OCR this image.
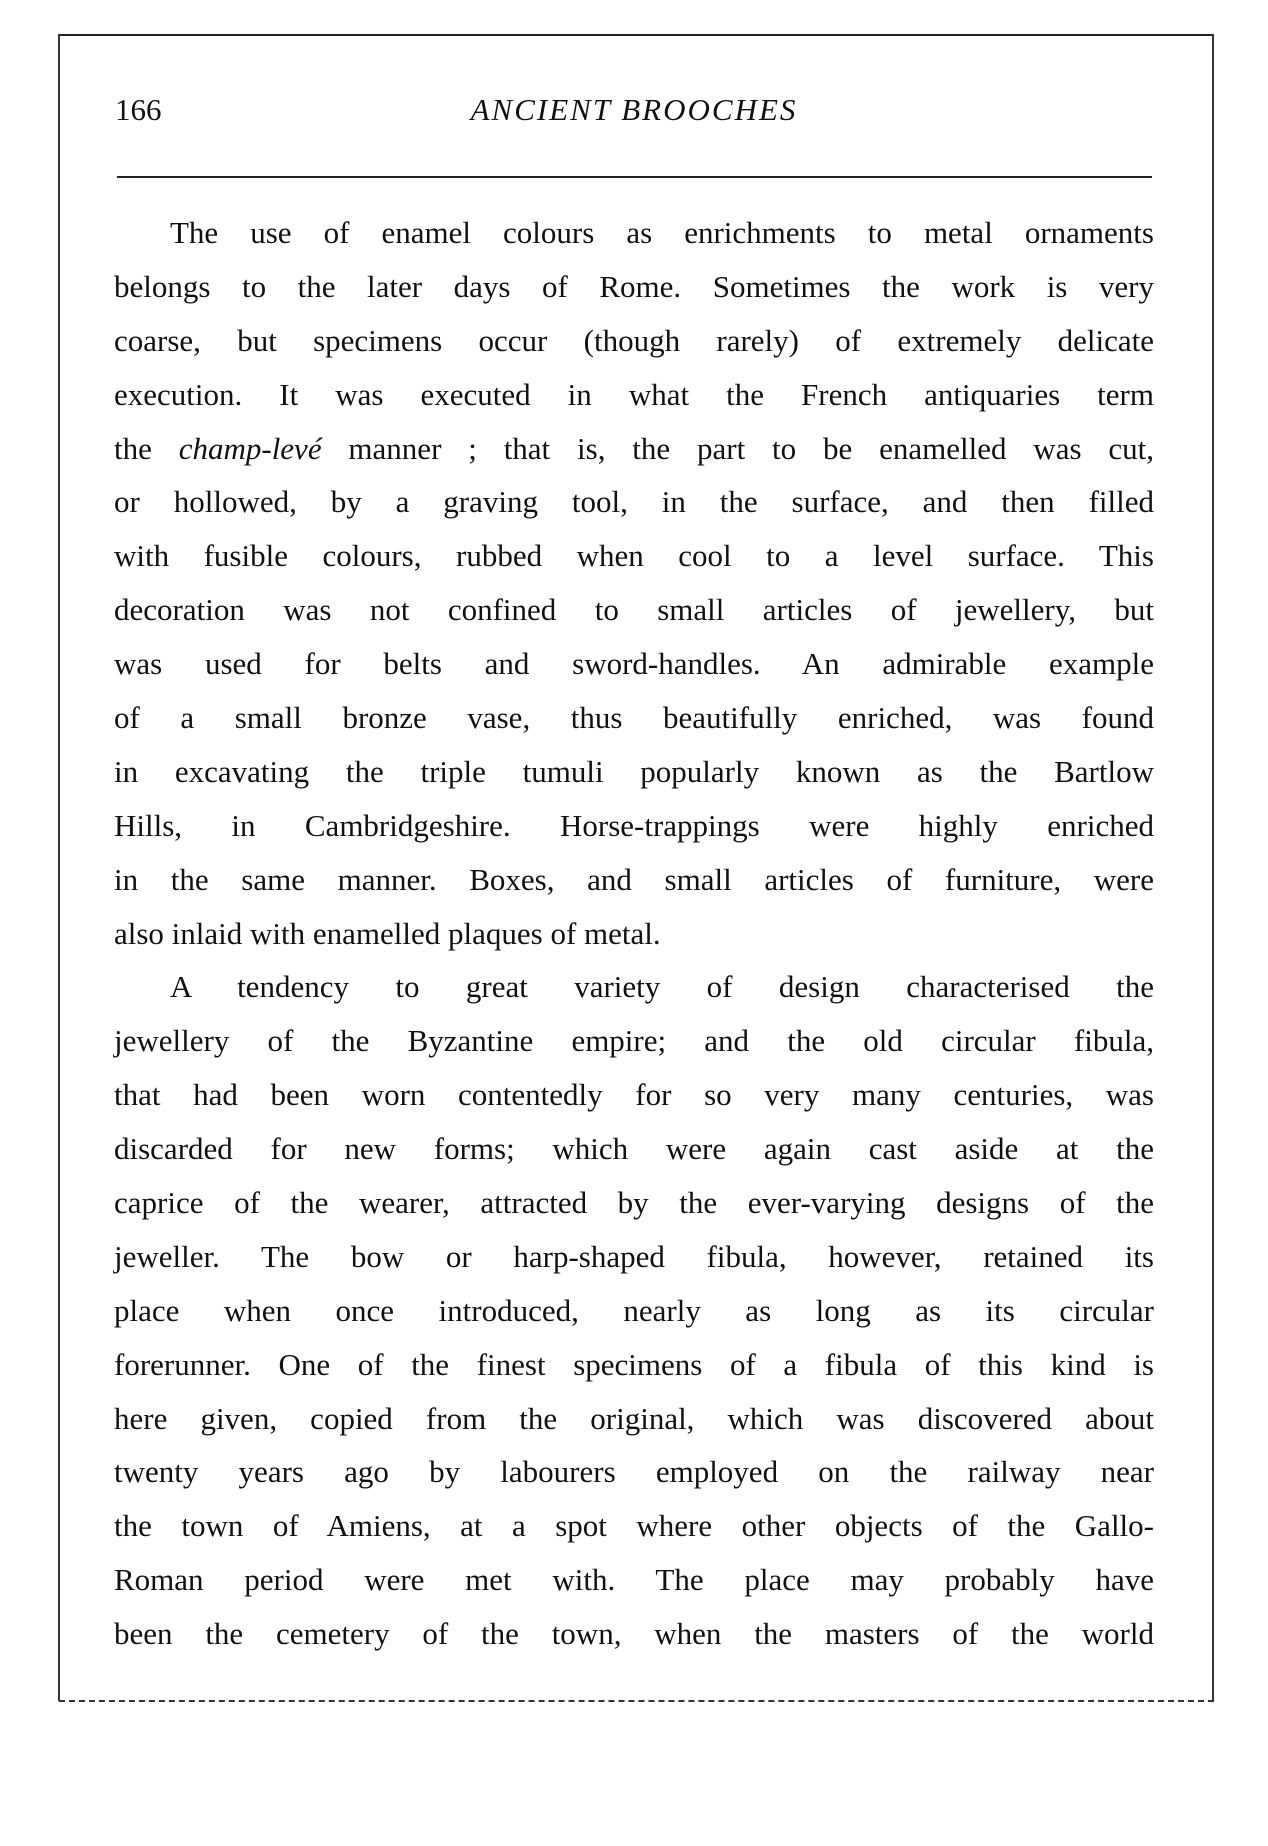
166	ANCIENT BROOCHES
The use of enamel colours as enrichments to metal ornaments
belongs to the later days of Rome. Sometimes the work is very
coarse, but specimens occur (though rarely) of extremely delicate
execution. It was executed in what the French antiquaries term
the champ-levé manner ; that is, the part to be enamelled was cut,
or hollowed, by a graving tool, in the surface, and then filled
with fusible colours, rubbed when cool to a level surface. This
decoration was not confined to small articles of jewellery, but
was used for belts and sword-handles. An admirable example
of a small bronze vase, thus beautifully enriched, was found
in excavating the triple tumuli popularly known as the Bartlow
Hills, in Cambridgeshire. Horse-trappings were highly enriched
in the same manner. Boxes, and small articles of furniture, were
also inlaid with enamelled plaques of metal.
A tendency to great variety of design characterised the
jewellery of the Byzantine empire; and the old circular fibula,
that had been worn contentedly for so very many centuries, was
discarded for new forms; which were again cast aside at the
caprice of the wearer, attracted by the ever-varying designs of the
jeweller. The bow or harp-shaped fibula, however, retained its
place when once introduced, nearly as long as its circular
forerunner. One of the finest specimens of a fibula of this kind is
here given, copied from the original, which was discovered about
twenty years ago by labourers employed on the railway near
the town of Amiens, at a spot where other objects of the Gallo-
Roman period were met with. The place may probably have
been the cemetery of the town, when the masters of the world
